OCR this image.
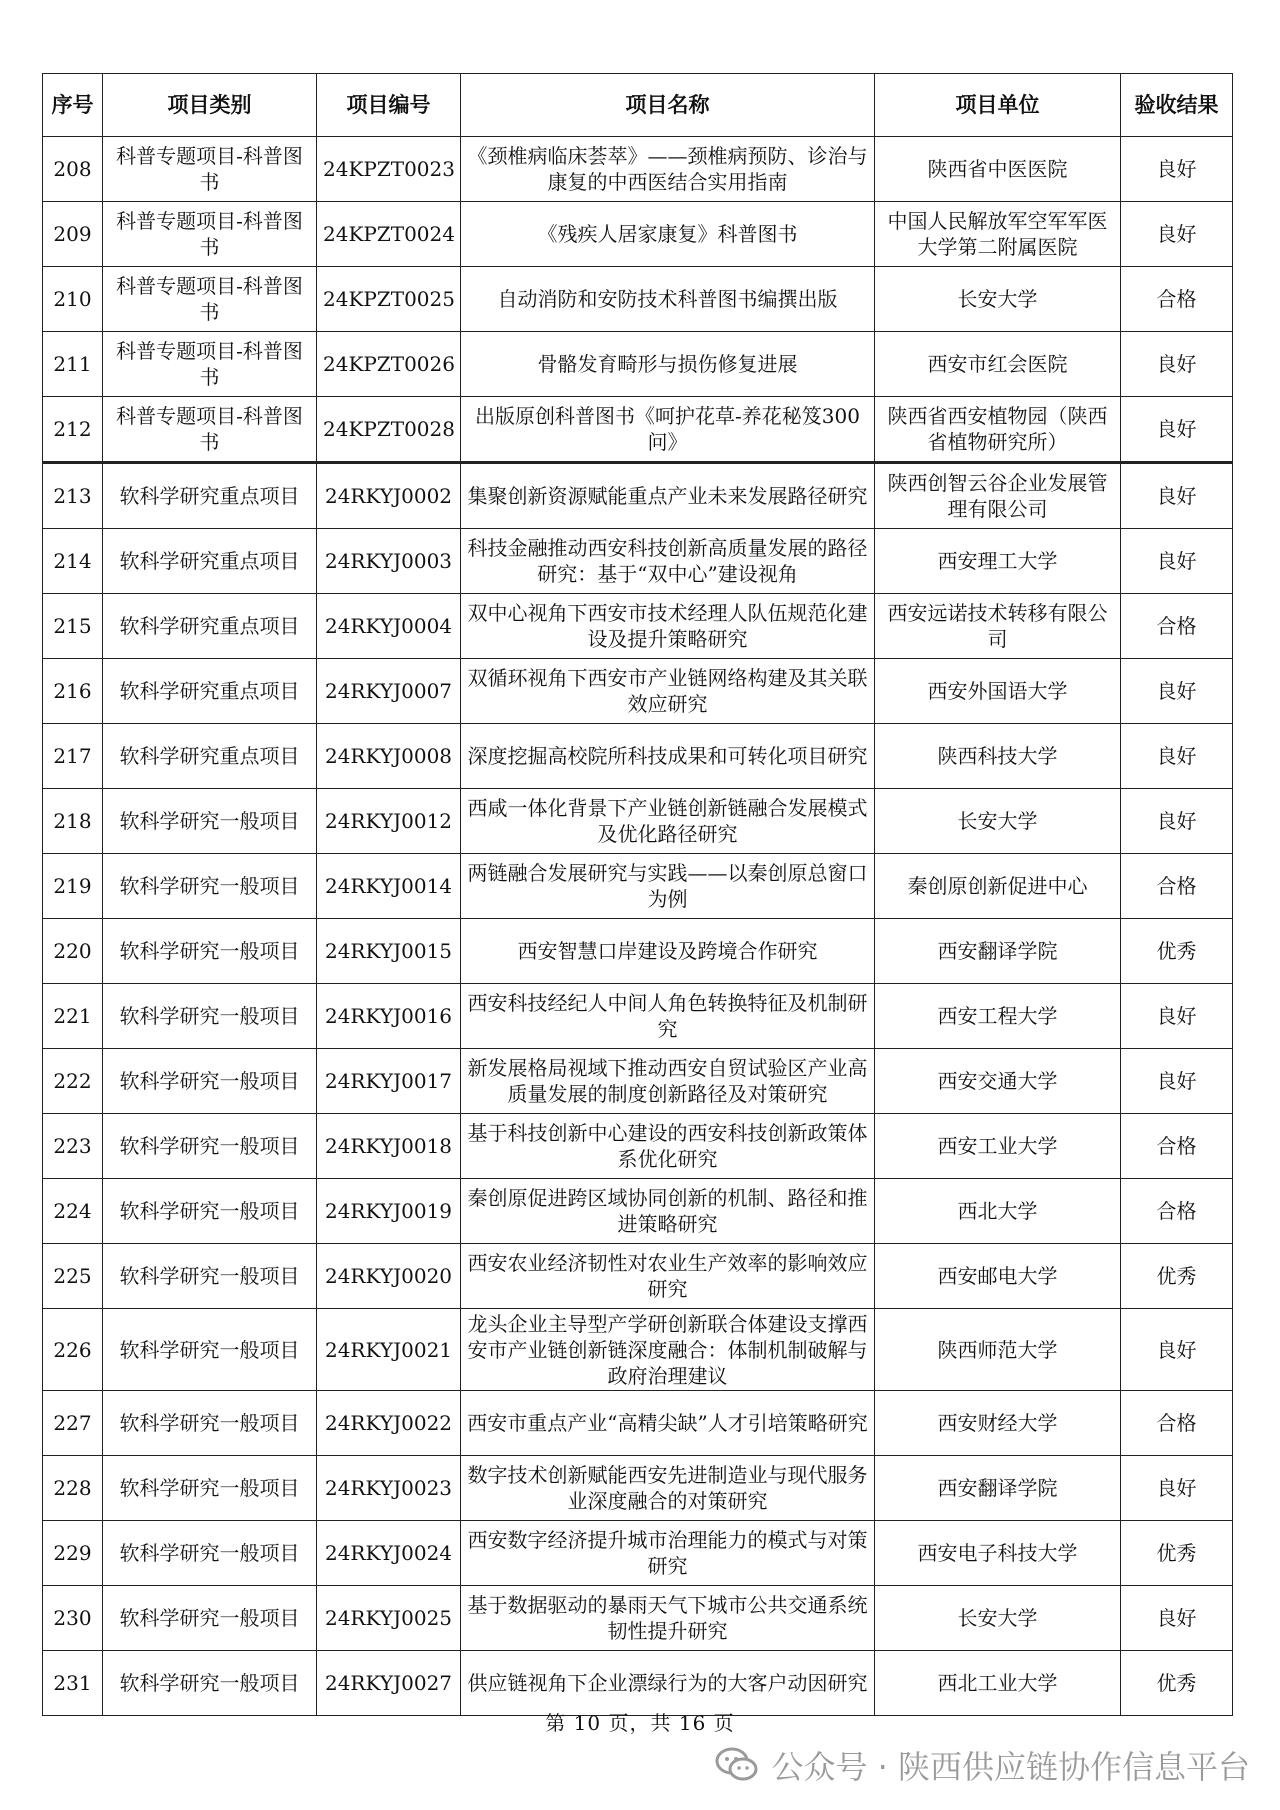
序号	项目类别	项目编号	项目名称	项目单位	验收结果
208	科普专题项目-科普图书	24KPZT0023	《颈椎病临床荟萃》——颈椎病预防、诊治与康复的中西医结合实用指南	陕西省中医医院	良好
209	科普专题项目-科普图书	24KPZT0024	《残疾人居家康复》科普图书	中国人民解放军空军军医大学第二附属医院	良好
210	科普专题项目-科普图书	24KPZT0025	自动消防和安防技术科普图书编撰出版	长安大学	合格
211	科普专题项目-科普图书	24KPZT0026	骨骼发育畸形与损伤修复进展	西安市红会医院	良好
212	科普专题项目-科普图书	24KPZT0028	出版原创科普图书《呵护花草-养花秘笈300问》	陕西省西安植物园（陕西省植物研究所）	良好
213	软科学研究重点项目	24RKYJ0002	集聚创新资源赋能重点产业未来发展路径研究	陕西创智云谷企业发展管理有限公司	良好
214	软科学研究重点项目	24RKYJ0003	科技金融推动西安科技创新高质量发展的路径研究：基于“双中心”建设视角	西安理工大学	良好
215	软科学研究重点项目	24RKYJ0004	双中心视角下西安市技术经理人队伍规范化建设及提升策略研究	西安远诺技术转移有限公司	合格
216	软科学研究重点项目	24RKYJ0007	双循环视角下西安市产业链网络构建及其关联效应研究	西安外国语大学	良好
217	软科学研究重点项目	24RKYJ0008	深度挖掘高校院所科技成果和可转化项目研究	陕西科技大学	良好
218	软科学研究一般项目	24RKYJ0012	西咸一体化背景下产业链创新链融合发展模式及优化路径研究	长安大学	良好
219	软科学研究一般项目	24RKYJ0014	两链融合发展研究与实践——以秦创原总窗口为例	秦创原创新促进中心	合格
220	软科学研究一般项目	24RKYJ0015	西安智慧口岸建设及跨境合作研究	西安翻译学院	优秀
221	软科学研究一般项目	24RKYJ0016	西安科技经纪人中间人角色转换特征及机制研究	西安工程大学	良好
222	软科学研究一般项目	24RKYJ0017	新发展格局视域下推动西安自贸试验区产业高质量发展的制度创新路径及对策研究	西安交通大学	良好
223	软科学研究一般项目	24RKYJ0018	基于科技创新中心建设的西安科技创新政策体系优化研究	西安工业大学	合格
224	软科学研究一般项目	24RKYJ0019	秦创原促进跨区域协同创新的机制、路径和推进策略研究	西北大学	合格
225	软科学研究一般项目	24RKYJ0020	西安农业经济韧性对农业生产效率的影响效应研究	西安邮电大学	优秀
226	软科学研究一般项目	24RKYJ0021	龙头企业主导型产学研创新联合体建设支撑西安市产业链创新链深度融合：体制机制破解与政府治理建议	陕西师范大学	良好
227	软科学研究一般项目	24RKYJ0022	西安市重点产业“高精尖缺”人才引培策略研究	西安财经大学	合格
228	软科学研究一般项目	24RKYJ0023	数字技术创新赋能西安先进制造业与现代服务业深度融合的对策研究	西安翻译学院	良好
229	软科学研究一般项目	24RKYJ0024	西安数字经济提升城市治理能力的模式与对策研究	西安电子科技大学	优秀
230	软科学研究一般项目	24RKYJ0025	基于数据驱动的暴雨天气下城市公共交通系统韧性提升研究	长安大学	良好
231	软科学研究一般项目	24RKYJ0027	供应链视角下企业漂绿行为的大客户动因研究	西北工业大学	优秀
第 10 页，共 16 页
公众号 · 陕西供应链协作信息平台
